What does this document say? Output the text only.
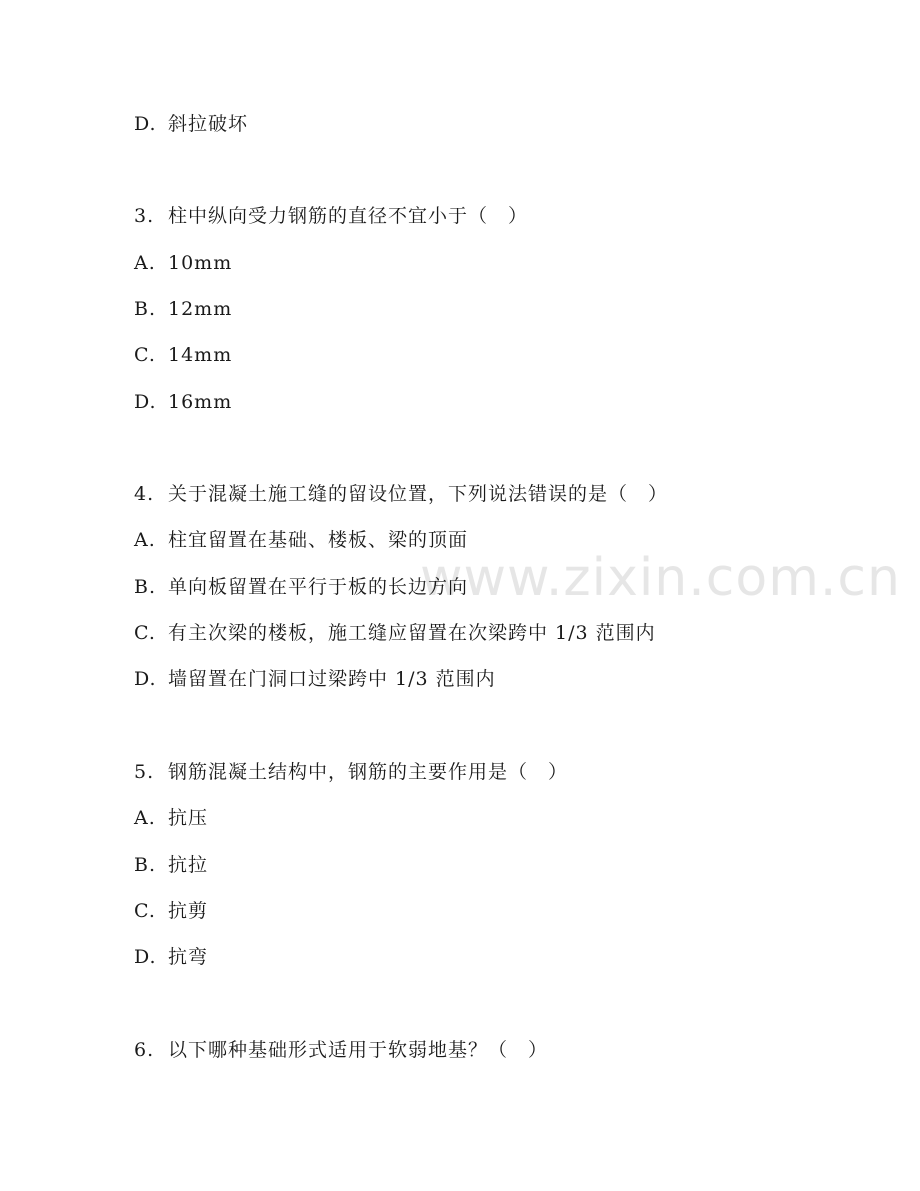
www.zixin.com.cn
D. 斜拉破坏
3. 柱中纵向受力钢筋的直径不宜小于（　）
A. 10mm
B. 12mm
C. 14mm
D. 16mm
4. 关于混凝土施工缝的留设位置，下列说法错误的是（　）
A. 柱宜留置在基础、楼板、梁的顶面
B. 单向板留置在平行于板的长边方向
C. 有主次梁的楼板，施工缝应留置在次梁跨中 1/3 范围内
D. 墙留置在门洞口过梁跨中 1/3 范围内
5. 钢筋混凝土结构中，钢筋的主要作用是（　）
A. 抗压
B. 抗拉
C. 抗剪
D. 抗弯
6. 以下哪种基础形式适用于软弱地基？（　）
